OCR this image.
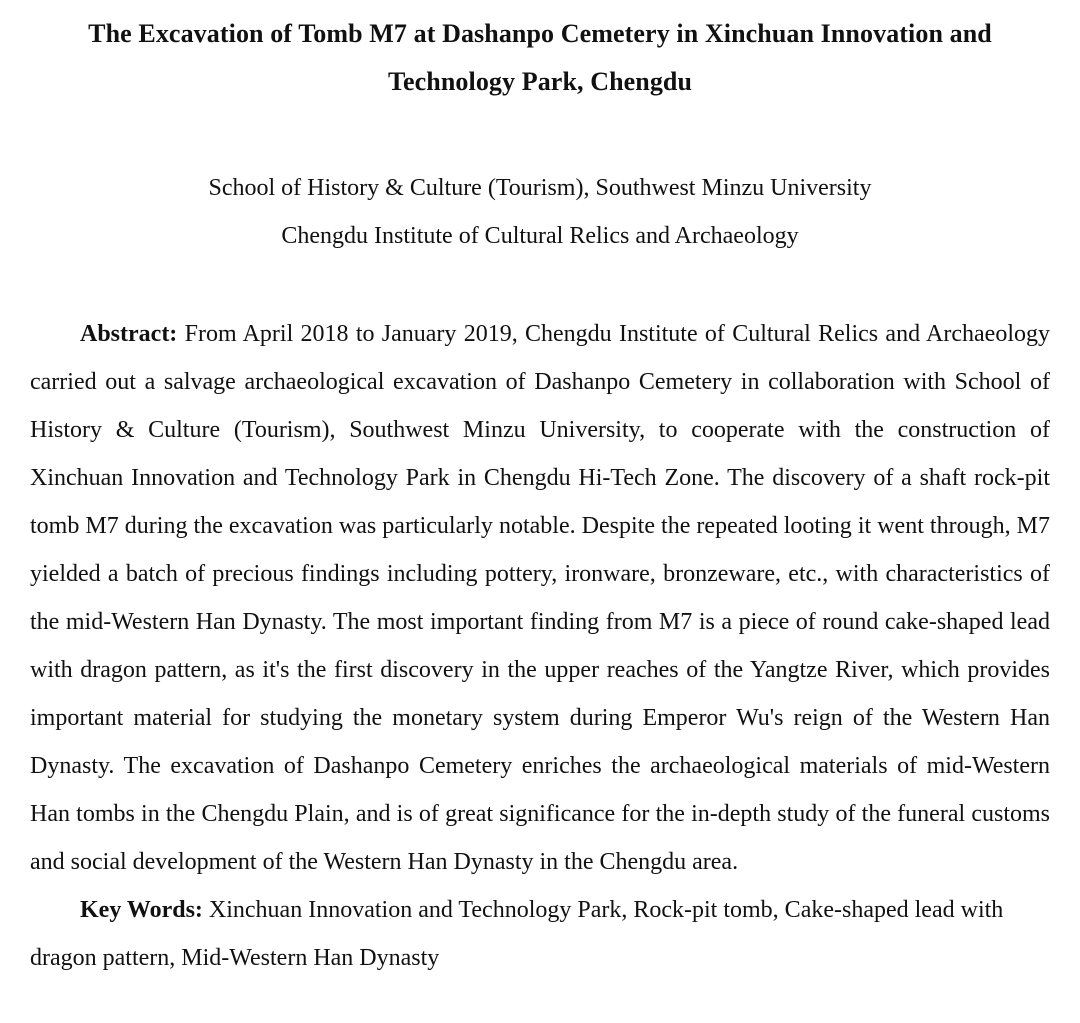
The Excavation of Tomb M7 at Dashanpo Cemetery in Xinchuan Innovation and Technology Park, Chengdu
School of History & Culture (Tourism), Southwest Minzu University
Chengdu Institute of Cultural Relics and Archaeology

Abstract: From April 2018 to January 2019, Chengdu Institute of Cultural Relics and Archaeology carried out a salvage archaeological excavation of Dashanpo Cemetery in collaboration with School of History & Culture (Tourism), Southwest Minzu University, to cooperate with the construction of Xinchuan Innovation and Technology Park in Chengdu Hi-Tech Zone. The discovery of a shaft rock-pit tomb M7 during the excavation was particularly notable. Despite the repeated looting it went through, M7 yielded a batch of precious findings including pottery, ironware, bronzeware, etc., with characteristics of the mid-Western Han Dynasty. The most important finding from M7 is a piece of round cake-shaped lead with dragon pattern, as it's the first discovery in the upper reaches of the Yangtze River, which provides important material for studying the monetary system during Emperor Wu's reign of the Western Han Dynasty. The excavation of Dashanpo Cemetery enriches the archaeological materials of mid-Western Han tombs in the Chengdu Plain, and is of great significance for the in-depth study of the funeral customs and social development of the Western Han Dynasty in the Chengdu area.

Key Words: Xinchuan Innovation and Technology Park, Rock-pit tomb, Cake-shaped lead with dragon pattern, Mid-Western Han Dynasty
